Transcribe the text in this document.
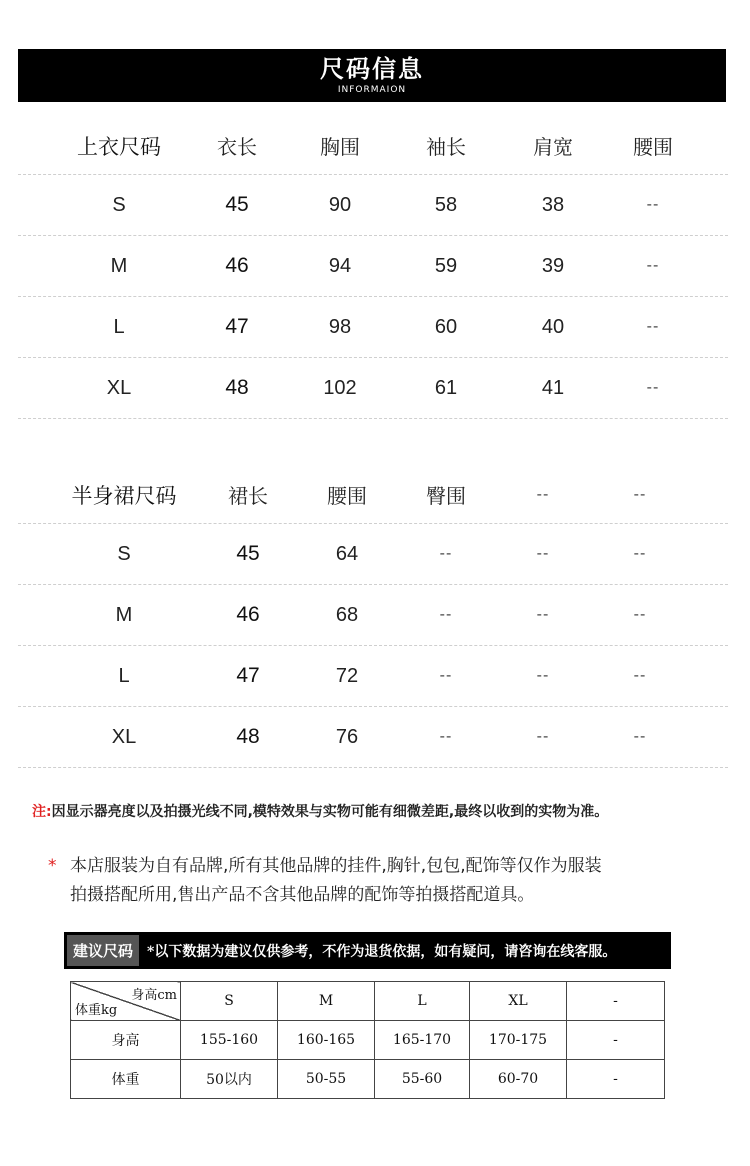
尺码信息
INFORMAION
上衣尺码	衣长	胸围	袖长	肩宽	腰围
S	45	90	58	38	--
M	46	94	59	39	--
L	47	98	60	40	--
XL	48	102	61	41	--
半身裙尺码	裙长	腰围	臀围	--	--
S	45	64	--	--	--
M	46	68	--	--	--
L	47	72	--	--	--
XL	48	76	--	--	--
注:因显示器亮度以及拍摄光线不同,模特效果与实物可能有细微差距,最终以收到的实物为准。
* 本店服装为自有品牌,所有其他品牌的挂件,胸针,包包,配饰等仅作为服装
拍摄搭配所用,售出产品不含其他品牌的配饰等拍摄搭配道具。
建议尺码	*以下数据为建议仅供参考，不作为退货依据，如有疑问，请咨询在线客服。
身高cm
体重kg	S	M	L	XL	-
身高	155-160	160-165	165-170	170-175	-
体重	50以内	50-55	55-60	60-70	-
